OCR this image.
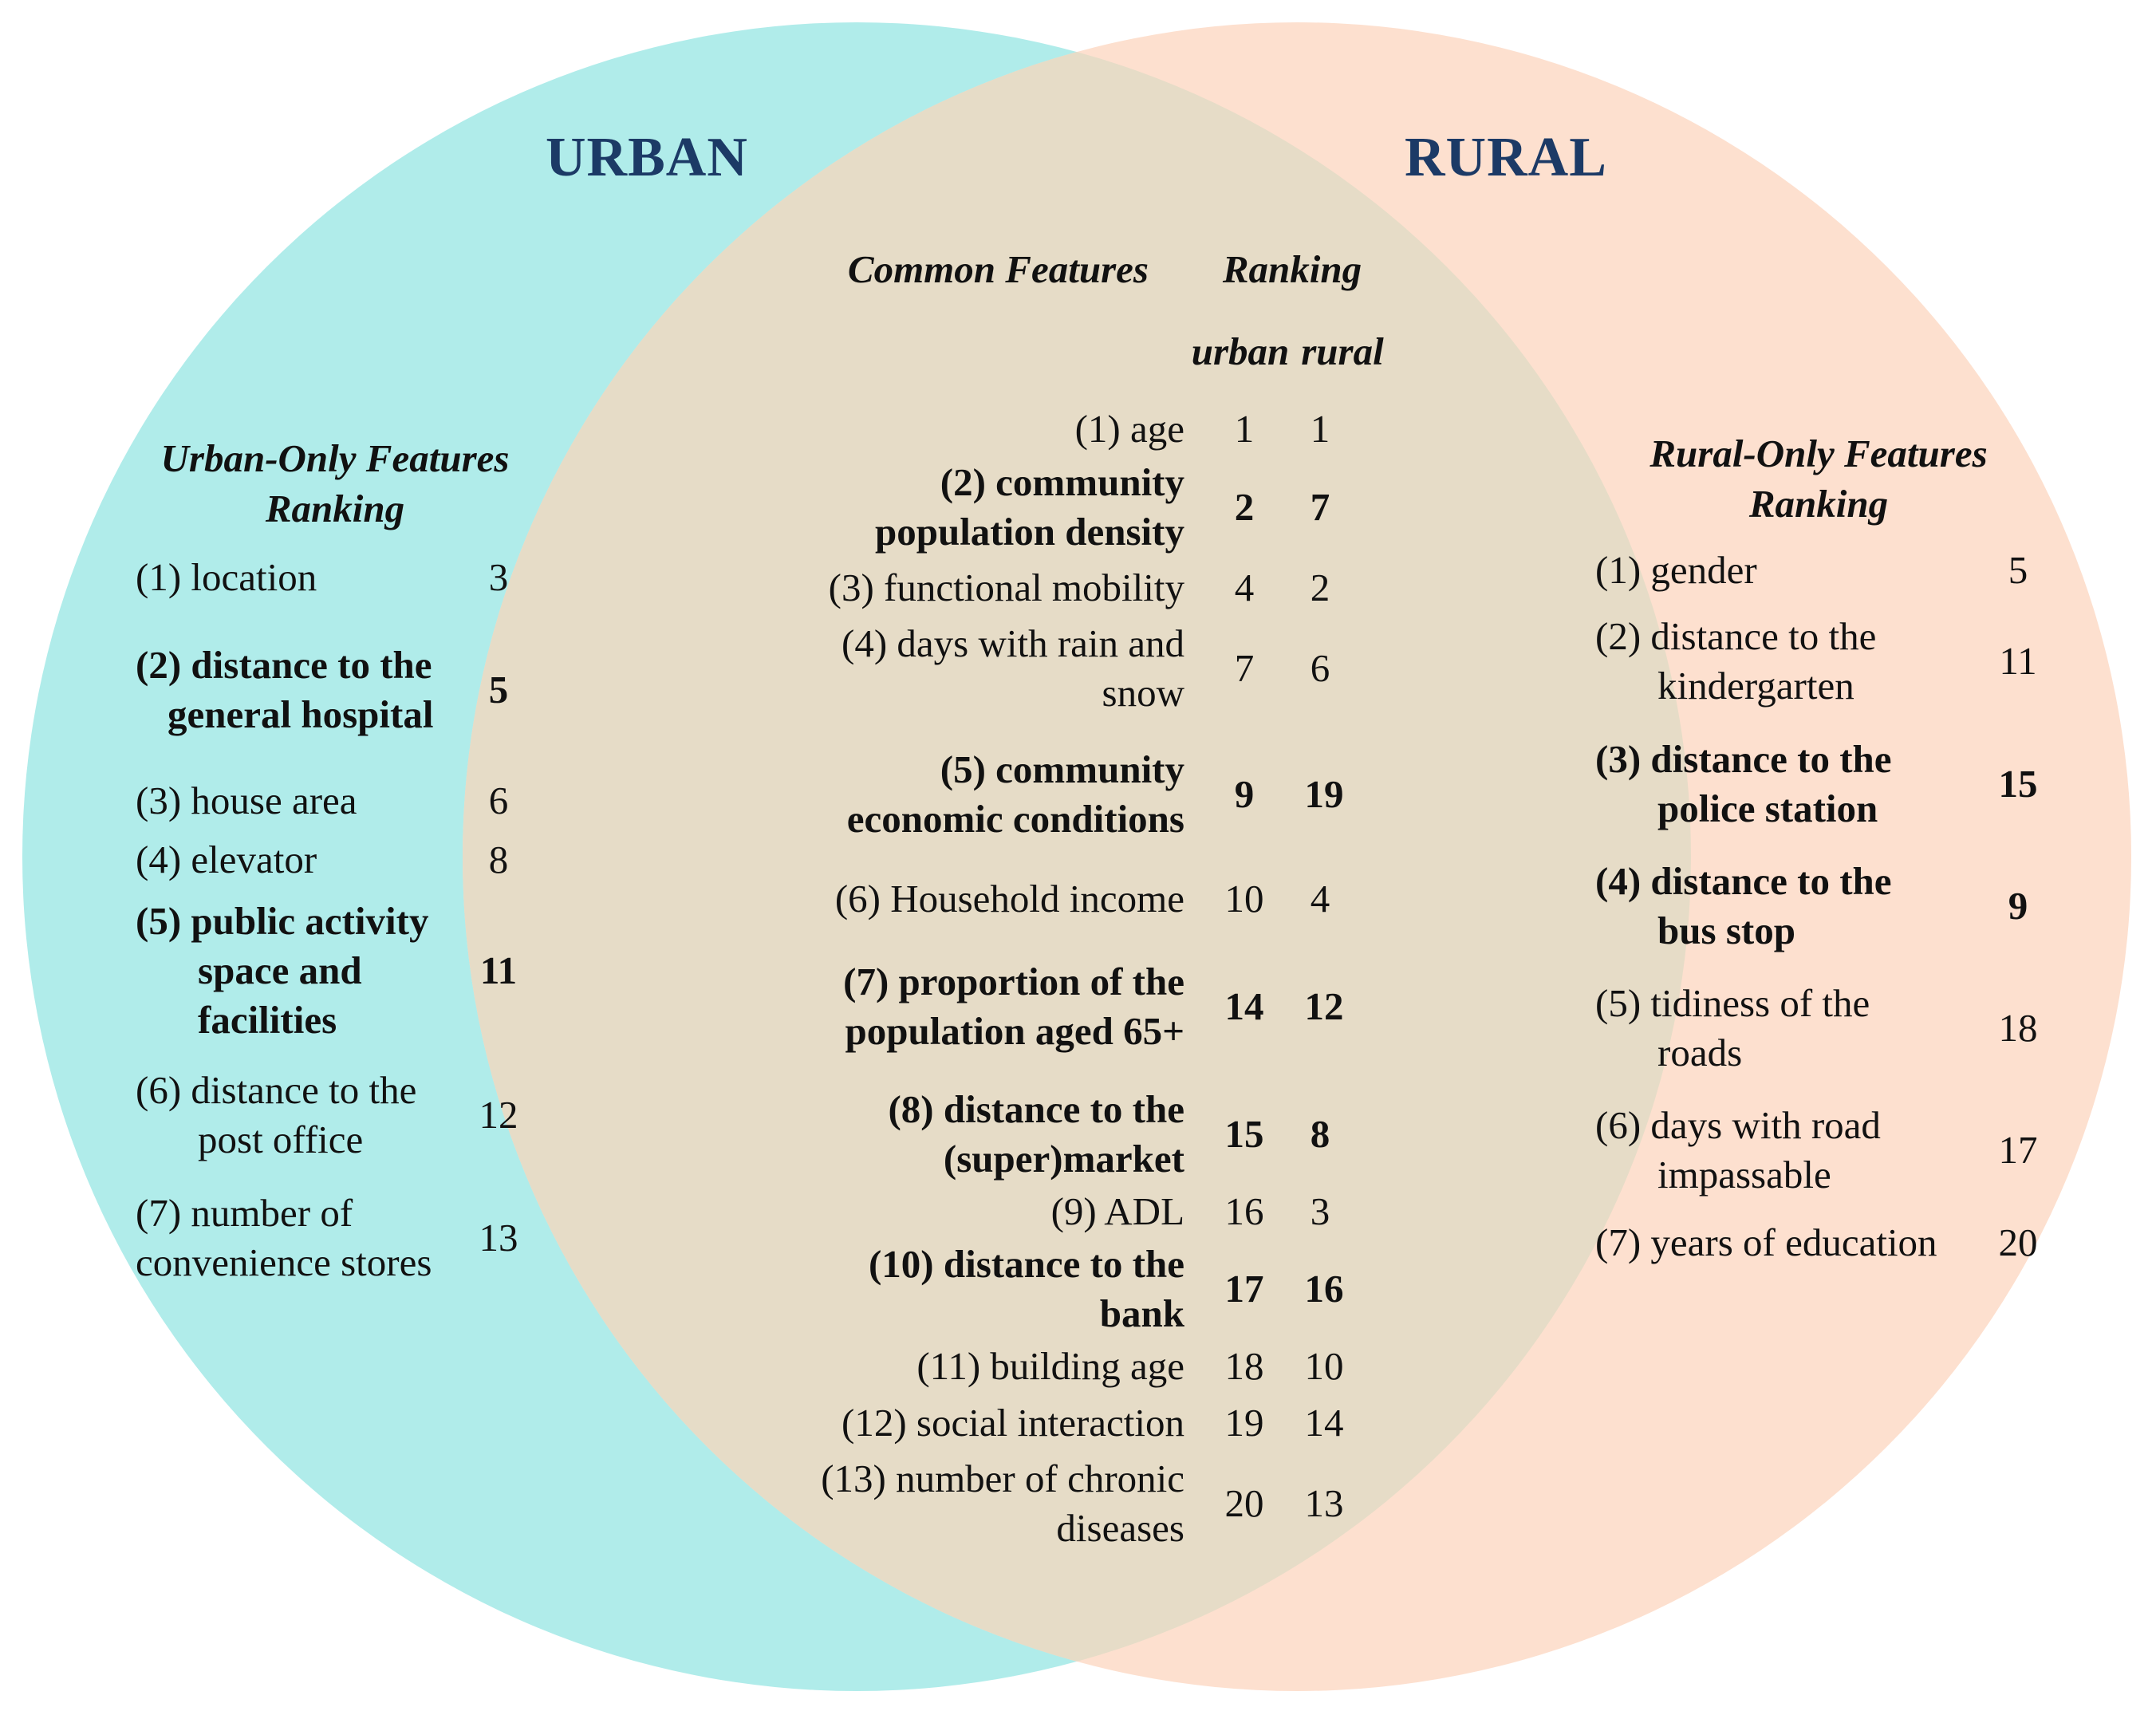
URBAN	RURAL
Urban-Only Features
Ranking
(1) location	3
(2) distance to the
general hospital
5
(3) house area	6
(4) elevator	8
(5) public activity
space and
facilities
11
(6) distance to the
post office
12
(7) number of
convenience stores
13
Common Features	Ranking
urban rural
(1) age	1	1
(2) community
population density
2	7
(3) functional mobility	4	2
(4) days with rain and
snow
7	6
(5) community
economic conditions
9	19
(6) Household income 10	4
(7) proportion of the
population aged 65+
14	12
(8) distance to the
(super)market
15	8
(9) ADL 16	3
(10) distance to the
bank
17	16
(11) building age 18	10
(12) social interaction 19	14
(13) number of chronic
diseases
20	13
Rural-Only Features
Ranking
(1) gender	5
(2) distance to the
kindergarten
11
(3) distance to the
police station
15
(4) distance to the
bus stop
9
(5) tidiness of the
roads
18
(6) days with road
impassable
17
(7) years of education	20
